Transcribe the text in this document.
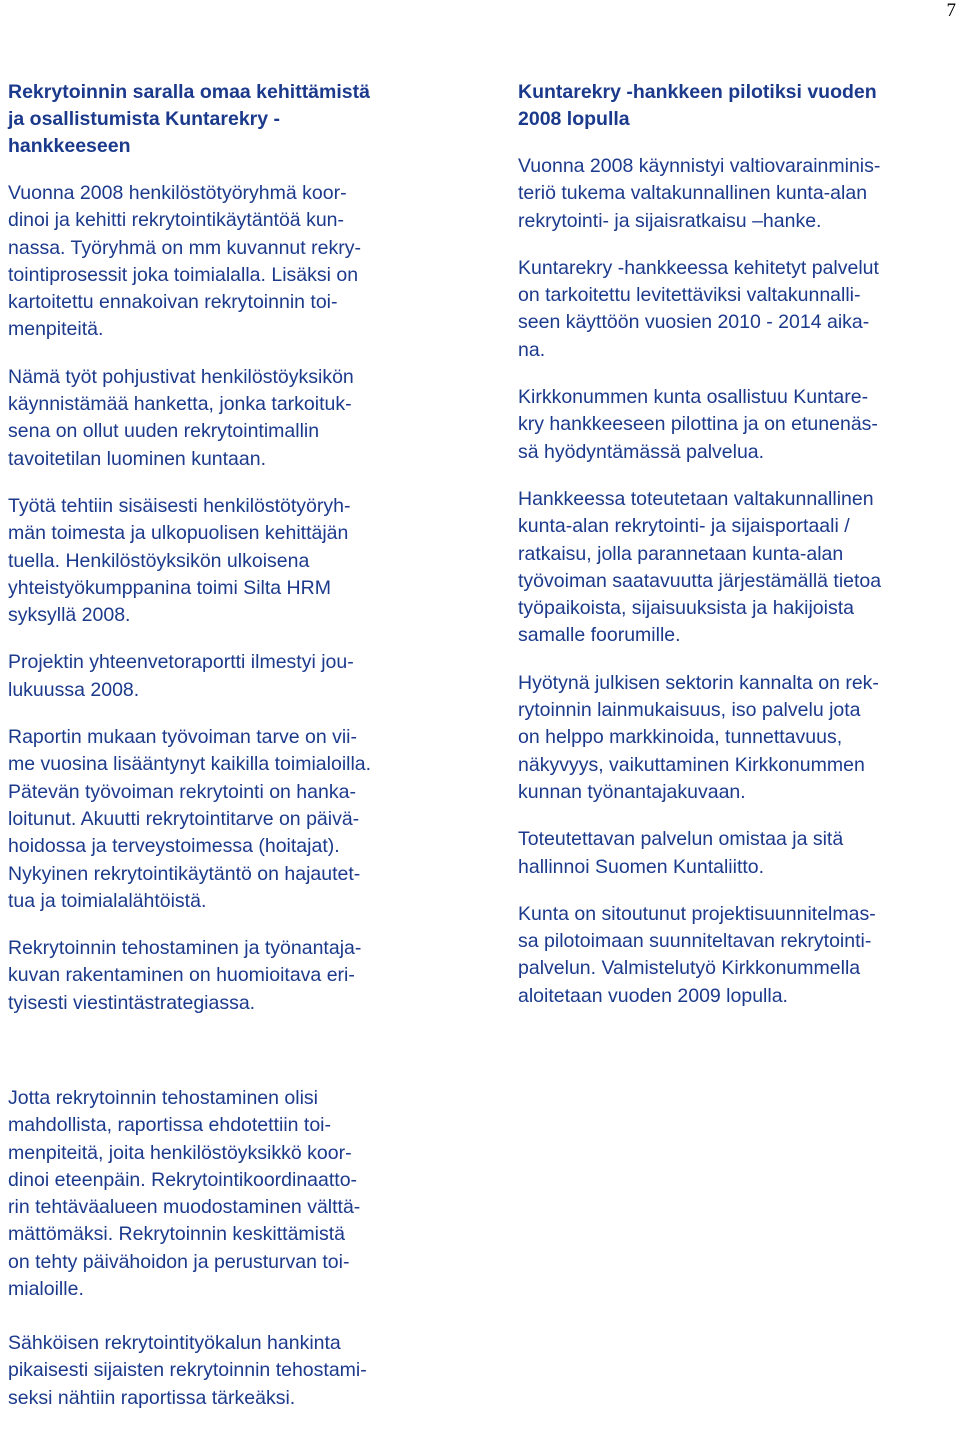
7
Rekrytoinnin saralla omaa kehittämistä
ja osallistumista Kuntarekry -
hankkeeseen
Vuonna 2008 henkilöstötyöryhmä koor-
dinoi ja kehitti rekrytointikäytäntöä kun-
nassa. Työryhmä on mm kuvannut rekry-
tointiprosessit joka toimialalla. Lisäksi on
kartoitettu ennakoivan rekrytoinnin toi-
menpiteitä.
Nämä työt pohjustivat henkilöstöyksikön
käynnistämää hanketta, jonka tarkoituk-
sena on ollut uuden rekrytointimallin
tavoitetilan luominen kuntaan.
Työtä tehtiin sisäisesti henkilöstötyöryh-
män toimesta ja ulkopuolisen kehittäjän
tuella. Henkilöstöyksikön ulkoisena
yhteistyökumppanina toimi Silta HRM
syksyllä 2008.
Projektin yhteenvetoraportti ilmestyi jou-
lukuussa 2008.
Raportin mukaan työvoiman tarve on vii-
me vuosina lisääntynyt kaikilla toimialoilla.
Pätevän työvoiman rekrytointi on hanka-
loitunut. Akuutti rekrytointitarve on päivä-
hoidossa ja terveystoimessa (hoitajat).
Nykyinen rekrytointikäytäntö on hajautet-
tua ja toimialalähtöistä.
Rekrytoinnin tehostaminen ja työnantaja-
kuvan rakentaminen on huomioitava eri-
tyisesti viestintästrategiassa.
Kuntarekry -hankkeen pilotiksi vuoden
2008 lopulla
Vuonna 2008 käynnistyi valtiovarainminis-
teriö tukema valtakunnallinen kunta-alan
rekrytointi- ja sijaisratkaisu –hanke.
Kuntarekry -hankkeessa kehitetyt palvelut
on tarkoitettu levitettäviksi valtakunnalli-
seen käyttöön vuosien 2010 - 2014 aika-
na.
Kirkkonummen kunta osallistuu Kuntare-
kry hankkeeseen pilottina ja on etunenäs-
sä hyödyntämässä palvelua.
Hankkeessa toteutetaan valtakunnallinen
kunta-alan rekrytointi- ja sijaisportaali /
ratkaisu, jolla parannetaan kunta-alan
työvoiman saatavuutta järjestämällä tietoa
työpaikoista, sijaisuuksista ja hakijoista
samalle foorumille.
Hyötynä julkisen sektorin kannalta on rek-
rytoinnin lainmukaisuus, iso palvelu jota
on helppo markkinoida, tunnettavuus,
näkyvyys, vaikuttaminen Kirkkonummen
kunnan työnantajakuvaan.
Toteutettavan palvelun omistaa ja sitä
hallinnoi Suomen Kuntaliitto.
Kunta on sitoutunut projektisuunnitelmas-
sa pilotoimaan suunniteltavan rekrytointi-
palvelun. Valmistelutyö Kirkkonummella
aloitetaan vuoden 2009 lopulla.
Jotta rekrytoinnin tehostaminen olisi
mahdollista, raportissa ehdotettiin toi-
menpiteitä, joita henkilöstöyksikkö koor-
dinoi eteenpäin. Rekrytointikoordinaatto-
rin tehtäväalueen muodostaminen välttä-
mättömäksi. Rekrytoinnin keskittämistä
on tehty päivähoidon ja perusturvan toi-
mialoille.
Sähköisen rekrytointityökalun hankinta
pikaisesti sijaisten rekrytoinnin tehostami-
seksi nähtiin raportissa tärkeäksi.
